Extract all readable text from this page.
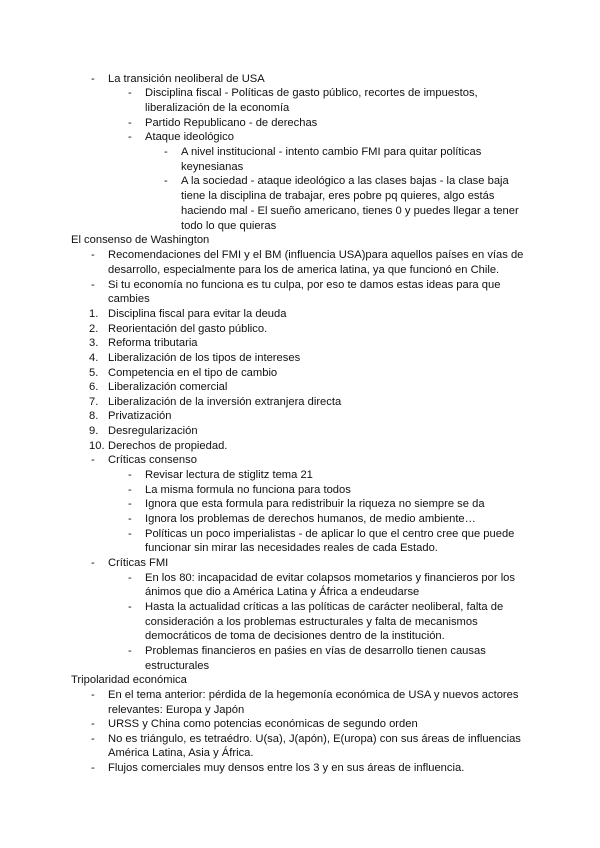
- La transición neoliberal de USA
- Disciplina fiscal - Políticas de gasto público, recortes de impuestos,
liberalización de la economía
- Partido Republicano - de derechas
- Ataque ideológico
- A nivel institucional - intento cambio FMI para quitar políticas
keynesianas
- A la sociedad - ataque ideológico a las clases bajas - la clase baja
tiene la disciplina de trabajar, eres pobre pq quieres, algo estás
haciendo mal - El sueño americano, tienes 0 y puedes llegar a tener
todo lo que quieras
El consenso de Washington
- Recomendaciones del FMI y el BM (influencia USA)para aquellos países en vías de
desarrollo, especialmente para los de america latina, ya que funcionó en Chile.
- Si tu economía no funciona es tu culpa, por eso te damos estas ideas para que
cambies
1. Disciplina fiscal para evitar la deuda
2. Reorientación del gasto público.
3. Reforma tributaria
4. Liberalización de los tipos de intereses
5. Competencia en el tipo de cambio
6. Liberalización comercial
7. Liberalización de la inversión extranjera directa
8. Privatización
9. Desregularización
10. Derechos de propiedad.
- Críticas consenso
- Revisar lectura de stiglitz tema 21
- La misma formula no funciona para todos
- Ignora que esta formula para redistribuir la riqueza no siempre se da
- Ignora los problemas de derechos humanos, de medio ambiente…
- Políticas un poco imperialistas - de aplicar lo que el centro cree que puede
funcionar sin mirar las necesidades reales de cada Estado.
- Críticas FMI
- En los 80: incapacidad de evitar colapsos mometarios y financieros por los
ánimos que dio a América Latina y África a endeudarse
- Hasta la actualidad críticas a las políticas de carácter neoliberal, falta de
consideración a los problemas estructurales y falta de mecanismos
democráticos de toma de decisiones dentro de la institución.
- Problemas financieros en paśies en vías de desarrollo tienen causas
estructurales
Tripolaridad económica
- En el tema anterior: pérdida de la hegemonía económica de USA y nuevos actores
relevantes: Europa y Japón
- URSS y China como potencias económicas de segundo orden
- No es triángulo, es tetraédro. U(sa), J(apón), E(uropa) con sus áreas de influencias
América Latina, Asia y África.
- Flujos comerciales muy densos entre los 3 y en sus áreas de influencia.
